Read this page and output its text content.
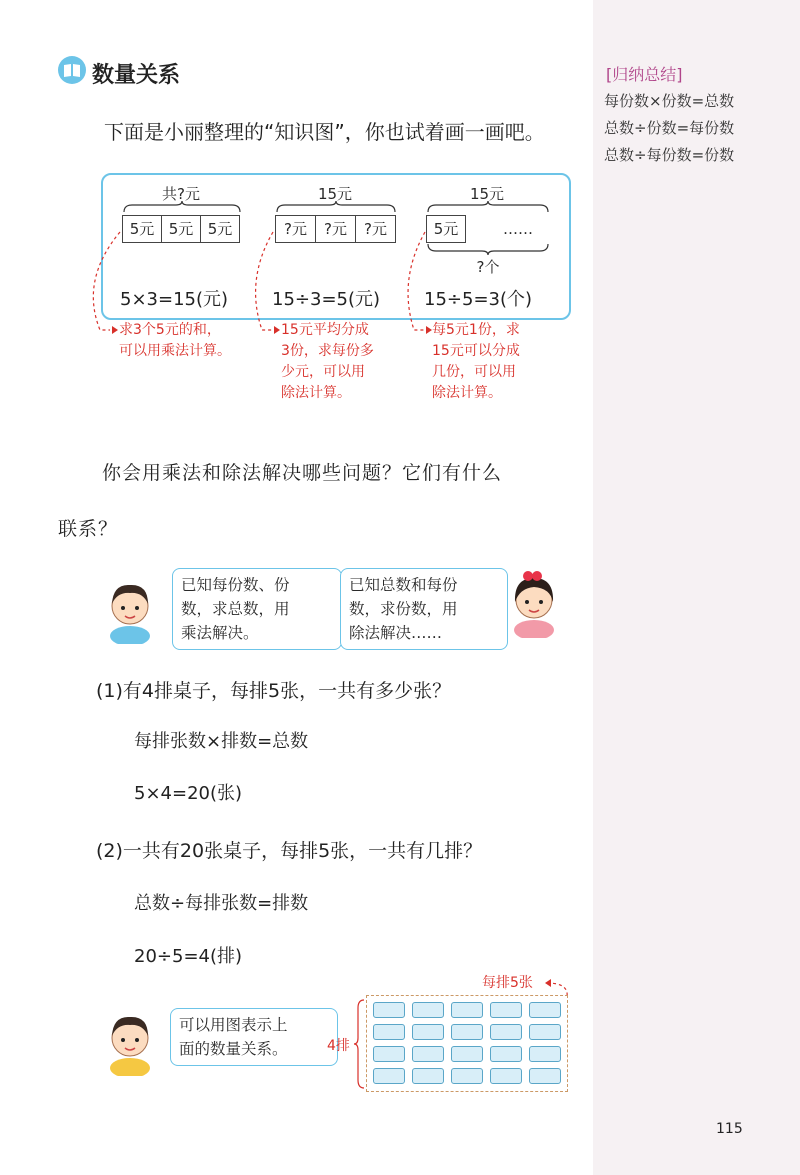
[归纳总结]
每份数×份数=总数
总数÷份数=每份数
总数÷每份数=份数
数量关系
下面是小丽整理的“知识图”，你也试着画一画吧。
共?元
5元 5元 5元
5×3=15(元)
15元
?元	?元	?元
15÷3=5(元)
15元
5元	……
?个
15÷5=3(个)
求3个5元的和，
可以用乘法计算。
15元平均分成
3份，求每份多
少元，可以用
除法计算。
每5元1份，求
15元可以分成
几份，可以用
除法计算。
你会用乘法和除法解决哪些问题？它们有什么
联系？
已知每份数、份
数，求总数，用
乘法解决。
已知总数和每份
数，求份数，用
除法解决……
(1)有4排桌子，每排5张，一共有多少张？
每排张数×排数=总数
5×4=20(张)
(2)一共有20张桌子，每排5张，一共有几排？
总数÷每排张数=排数
20÷5=4(排)
可以用图表示上
面的数量关系。
每排5张
4排
115
